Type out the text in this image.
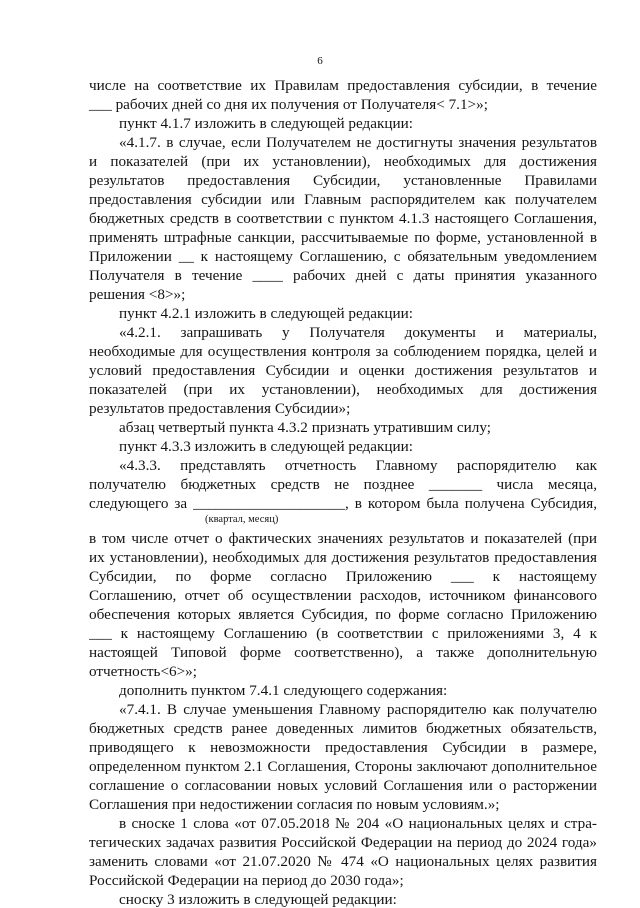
6
числе на соответствие их Правилам предоставления субсидии, в течение
___ рабочих дней со дня их получения от Получателя< 7.1>»;
пункт 4.1.7 изложить в следующей редакции:
«4.1.7. в случае, если Получателем не достигнуты значения результатов
и показателей (при их установлении), необходимых для достижения
результатов предоставления Субсидии, установленные Правилами
предоставления субсидии или Главным распорядителем как получателем
бюджетных средств в соответствии с пунктом 4.1.3 настоящего Соглашения,
применять штрафные санкции, рассчитываемые по форме, установленной в
Приложении __ к настоящему Соглашению, с обязательным уведомлением
Получателя в течение ____ рабочих дней с даты принятия указанного
решения <8>»;
пункт 4.2.1 изложить в следующей редакции:
«4.2.1. запрашивать у Получателя документы и материалы,
необходимые для осуществления контроля за соблюдением порядка, целей и
условий предоставления Субсидии и оценки достижения результатов и
показателей (при их установлении), необходимых для достижения
результатов предоставления Субсидии»;
абзац четвертый пункта 4.3.2 признать утратившим силу;
пункт 4.3.3 изложить в следующей редакции:
«4.3.3. представлять отчетность Главному распорядителю как
получателю бюджетных средств не позднее _______ числа месяца,
следующего за ____________________, в котором была получена Субсидия,
(квартал, месяц)
в том числе отчет о фактических значениях результатов и показателей (при
их установлении), необходимых для достижения результатов предоставления
Субсидии, по форме согласно Приложению ___ к настоящему
Соглашению, отчет об осуществлении расходов, источником финансового
обеспечения которых является Субсидия, по форме согласно Приложению
___ к настоящему Соглашению (в соответствии с приложениями 3, 4 к
настоящей Типовой форме соответственно), а также дополнительную
отчетность<6>»;
дополнить пунктом 7.4.1 следующего содержания:
«7.4.1. В случае уменьшения Главному распорядителю как получателю
бюджетных средств ранее доведенных лимитов бюджетных обязательств,
приводящего к невозможности предоставления Субсидии в размере,
определенном пунктом 2.1 Соглашения, Стороны заключают дополнительное
соглашение о согласовании новых условий Соглашения или о расторжении
Соглашения при недостижении согласия по новым условиям.»;
в сноске 1 слова «от 07.05.2018 № 204 «О национальных целях и стра-
тегических задачах развития Российской Федерации на период до 2024 года»
заменить словами «от 21.07.2020 № 474 «О национальных целях развития
Российской Федерации на период до 2030 года»;
сноску 3 изложить в следующей редакции:
